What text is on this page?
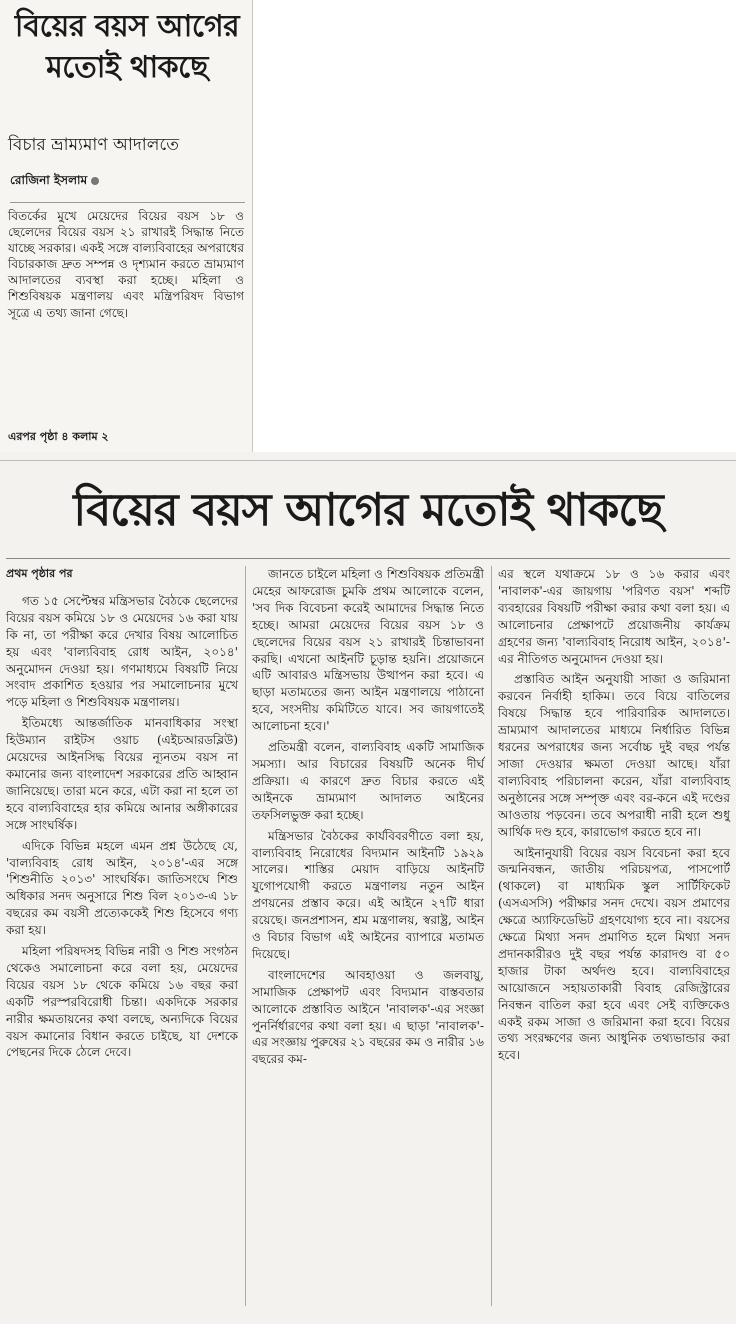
বিয়ের বয়স আগের মতোই থাকছে
বিচার ভ্রাম্যমাণ আদালতে
রোজিনা ইসলাম
বিতর্কের মুখে মেয়েদের বিয়ের বয়স ১৮ ও ছেলেদের বিয়ের বয়স ২১ রাখারই সিদ্ধান্ত নিতে যাচ্ছে সরকার। একই সঙ্গে বাল্যবিবাহের অপরাধের বিচারকাজ দ্রুত সম্পন্ন ও দৃশ্যমান করতে ভ্রাম্যমাণ আদালতের ব্যবস্থা করা হচ্ছে। মহিলা ও শিশুবিষয়ক মন্ত্রণালয় এবং মন্ত্রিপরিষদ বিভাগ সূত্রে এ তথ্য জানা গেছে।
এরপর পৃষ্ঠা ৪ কলাম ২
বিয়ের বয়স আগের মতোই থাকছে
প্রথম পৃষ্ঠার পর

গত ১৫ সেপ্টেম্বর মন্ত্রিসভার বৈঠকে ছেলেদের বিয়ের বয়স কমিয়ে ১৮ ও মেয়েদের ১৬ করা যায় কি না, তা পরীক্ষা করে দেখার বিষয় আলোচিত হয় এবং 'বাল্যবিবাহ রোধ আইন, ২০১৪' অনুমোদন দেওয়া হয়। গণমাধ্যমে বিষয়টি নিয়ে সংবাদ প্রকাশিত হওয়ার পর সমালোচনার মুখে পড়ে মহিলা ও শিশুবিষয়ক মন্ত্রণালয়।

ইতিমধ্যে আন্তর্জাতিক মানবাধিকার সংস্থা হিউম্যান রাইটস ওয়াচ (এইচআরডব্লিউ) মেয়েদের আইনসিদ্ধ বিয়ের ন্যূনতম বয়স না কমানোর জন্য বাংলাদেশ সরকারের প্রতি আহ্বান জানিয়েছে। তারা মনে করে, এটা করা না হলে তা হবে বাল্যবিবাহের হার কমিয়ে আনার অঙ্গীকারের সঙ্গে সাংঘর্ষিক।

এদিকে বিভিন্ন মহলে এমন প্রশ্ন উঠেছে যে, 'বাল্যবিবাহ রোধ আইন, ২০১৪'-এর সঙ্গে 'শিশুনীতি ২০১৩' সাংঘর্ষিক। জাতিসংঘে শিশু অধিকার সনদ অনুসারে শিশু বিল ২০১৩-এ ১৮ বছরের কম বয়সী প্রত্যেককেই শিশু হিসেবে গণ্য করা হয়।

মহিলা পরিষদসহ বিভিন্ন নারী ও শিশু সংগঠন থেকেও সমালোচনা করে বলা হয়, মেয়েদের বিয়ের বয়স ১৮ থেকে কমিয়ে ১৬ বছর করা একটি পরস্পরবিরোধী চিন্তা। একদিকে সরকার নারীর ক্ষমতায়নের কথা বলছে, অন্যদিকে বিয়ের বয়স কমানোর বিধান করতে চাইছে, যা দেশকে পেছনের দিকে ঠেলে দেবে।

জানতে চাইলে মহিলা ও শিশুবিষয়ক প্রতিমন্ত্রী মেহের আফরোজ চুমকি প্রথম আলোকে বলেন, 'সব দিক বিবেচনা করেই আমাদের সিদ্ধান্ত নিতে হচ্ছে। আমরা মেয়েদের বিয়ের বয়স ১৮ ও ছেলেদের বিয়ের বয়স ২১ রাখারই চিন্তাভাবনা করছি। এখনো আইনটি চূড়ান্ত হয়নি। প্রয়োজনে এটি আবারও মন্ত্রিসভায় উত্থাপন করা হবে। এ ছাড়া মতামতের জন্য আইন মন্ত্রণালয়ে পাঠানো হবে, সংসদীয় কমিটিতে যাবে। সব জায়গাতেই আলোচনা হবে।'

প্রতিমন্ত্রী বলেন, বাল্যবিবাহ একটি সামাজিক সমস্যা। আর বিচারের বিষয়টি অনেক দীর্ঘ প্রক্রিয়া। এ কারণে দ্রুত বিচার করতে এই আইনকে ভ্রাম্যমাণ আদালত আইনের তফসিলভুক্ত করা হচ্ছে।

মন্ত্রিসভার বৈঠকের কার্যবিবরণীতে বলা হয়, বাল্যবিবাহ নিরোধের বিদ্যমান আইনটি ১৯২৯ সালের। শাস্তির মেয়াদ বাড়িয়ে আইনটি যুগোপযোগী করতে মন্ত্রণালয় নতুন আইন প্রণয়নের প্রস্তাব করে। এই আইনে ২৭টি ধারা রয়েছে। জনপ্রশাসন, শ্রম মন্ত্রণালয়, স্বরাষ্ট্র, আইন ও বিচার বিভাগ এই আইনের ব্যাপারে মতামত দিয়েছে।

বাংলাদেশের আবহাওয়া ও জলবায়ু, সামাজিক প্রেক্ষাপট এবং বিদ্যমান বাস্তবতার আলোকে প্রস্তাবিত আইনে 'নাবালক'-এর সংজ্ঞা পুনর্নির্ধারণের কথা বলা হয়। এ ছাড়া 'নাবালক'-এর সংজ্ঞায় পুরুষের ২১ বছরের কম ও নারীর ১৬ বছরের কম-

এর স্থলে যথাক্রমে ১৮ ও ১৬ করার এবং 'নাবালক'-এর জায়গায় 'পরিণত বয়স' শব্দটি ব্যবহারের বিষয়টি পরীক্ষা করার কথা বলা হয়। এ আলোচনার প্রেক্ষাপটে প্রয়োজনীয় কার্যক্রম গ্রহণের জন্য 'বাল্যবিবাহ নিরোধ আইন, ২০১৪'-এর নীতিগত অনুমোদন দেওয়া হয়।

প্রস্তাবিত আইন অনুযায়ী সাজা ও জরিমানা করবেন নির্বাহী হাকিম। তবে বিয়ে বাতিলের বিষয়ে সিদ্ধান্ত হবে পারিবারিক আদালতে। ভ্রাম্যমাণ আদালতের মাধ্যমে নির্ধারিত বিভিন্ন ধরনের অপরাধের জন্য সর্বোচ্চ দুই বছর পর্যন্ত সাজা দেওয়ার ক্ষমতা দেওয়া আছে। যাঁরা বাল্যবিবাহ পরিচালনা করেন, যাঁরা বাল্যবিবাহ অনুষ্ঠানের সঙ্গে সম্পৃক্ত এবং বর-কনে এই দণ্ডের আওতায় পড়বেন। তবে অপরাধী নারী হলে শুধু আর্থিক দণ্ড হবে, কারাভোগ করতে হবে না।

আইনানুযায়ী বিয়ের বয়স বিবেচনা করা হবে জন্মনিবন্ধন, জাতীয় পরিচয়পত্র, পাসপোর্ট (থাকলে) বা মাধ্যমিক স্কুল সার্টিফিকেট (এসএসসি) পরীক্ষার সনদ দেখে। বয়স প্রমাণের ক্ষেত্রে অ্যাফিডেভিট গ্রহণযোগ্য হবে না। বয়সের ক্ষেত্রে মিথ্যা সনদ প্রমাণিত হলে মিথ্যা সনদ প্রদানকারীরও দুই বছর পর্যন্ত কারাদণ্ড বা ৫০ হাজার টাকা অর্থদণ্ড হবে। বাল্যবিবাহের আয়োজনে সহায়তাকারী বিবাহ রেজিস্ট্রারের নিবন্ধন বাতিল করা হবে এবং সেই ব্যক্তিকেও একই রকম সাজা ও জরিমানা করা হবে। বিয়ের তথ্য সংরক্ষণের জন্য আধুনিক তথ্যভান্ডার করা হবে।
